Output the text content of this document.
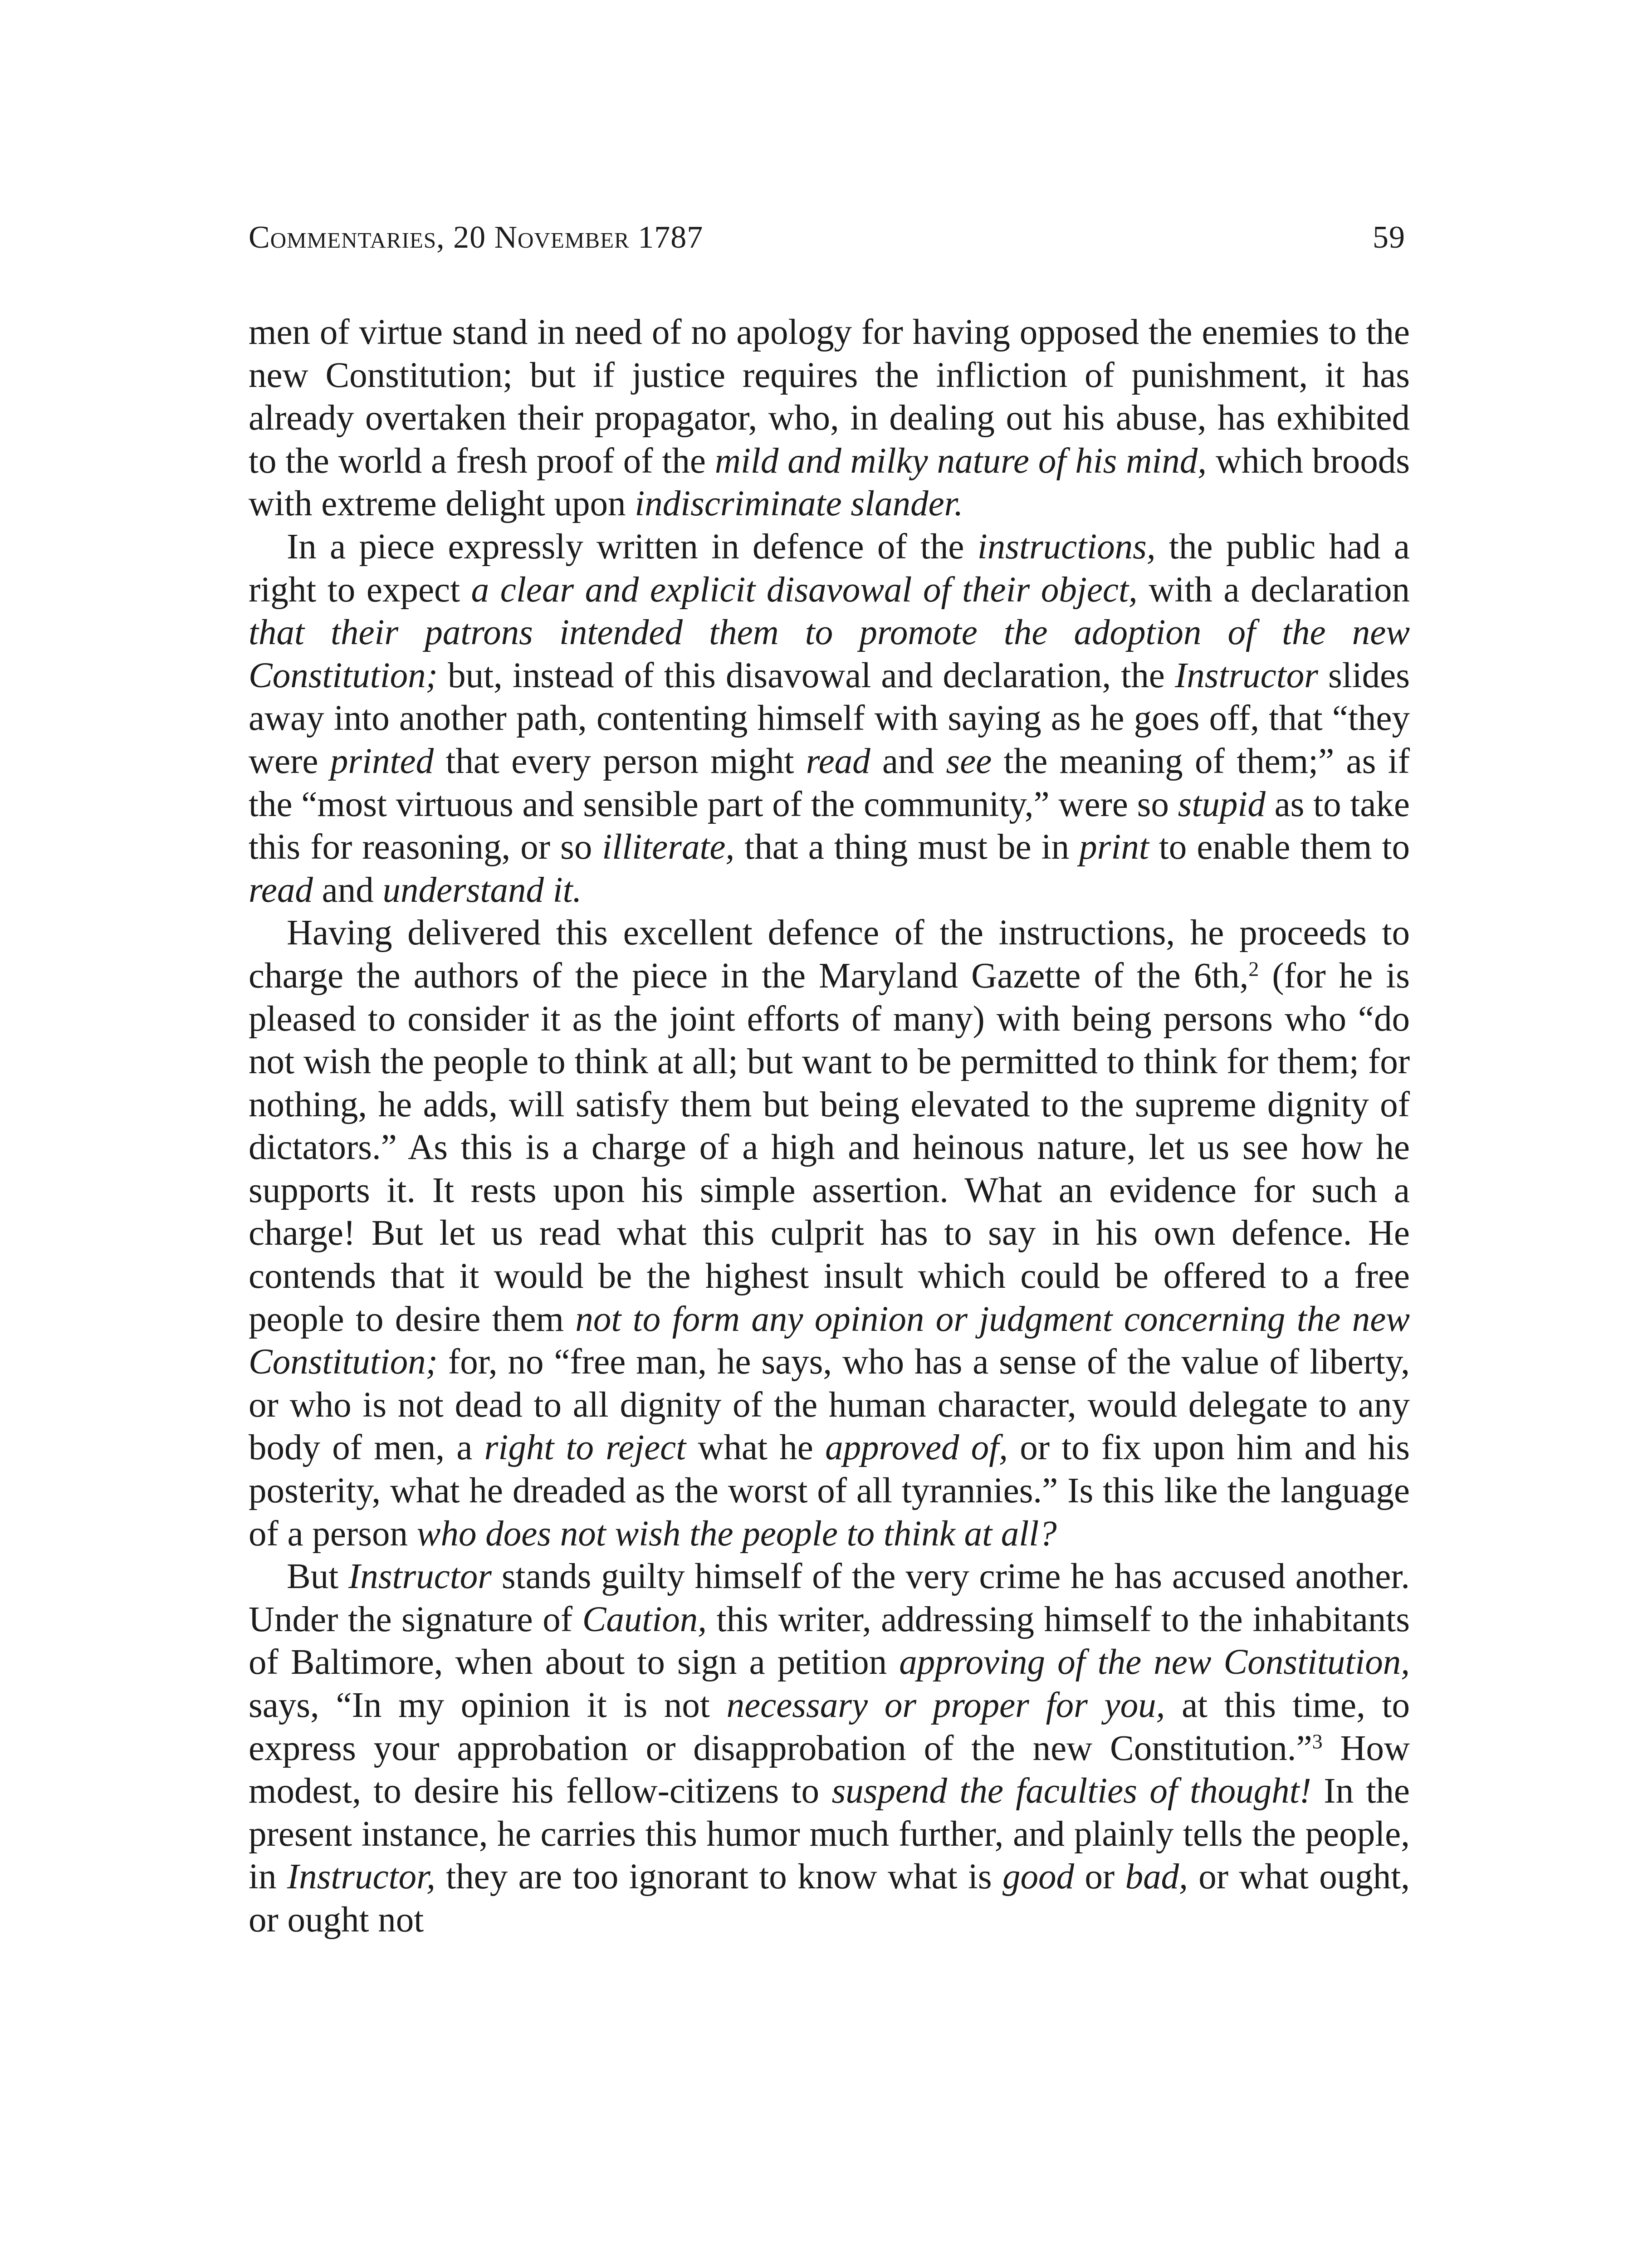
Commentaries, 20 November 1787	59

men of virtue stand in need of no apology for having opposed the enemies to the new Constitution; but if justice requires the infliction of punishment, it has already overtaken their propagator, who, in dealing out his abuse, has exhibited to the world a fresh proof of the mild and milky nature of his mind, which broods with extreme delight upon indiscriminate slander.

In a piece expressly written in defence of the instructions, the public had a right to expect a clear and explicit disavowal of their object, with a declaration that their patrons intended them to promote the adoption of the new Constitution; but, instead of this disavowal and declaration, the Instructor slides away into another path, contenting himself with saying as he goes off, that “they were printed that every person might read and see the meaning of them;” as if the “most virtuous and sensible part of the community,” were so stupid as to take this for reasoning, or so illiterate, that a thing must be in print to enable them to read and understand it.

Having delivered this excellent defence of the instructions, he proceeds to charge the authors of the piece in the Maryland Gazette of the 6th,$^2$ (for he is pleased to consider it as the joint efforts of many) with being persons who “do not wish the people to think at all; but want to be permitted to think for them; for nothing, he adds, will satisfy them but being elevated to the supreme dignity of dictators.” As this is a charge of a high and heinous nature, let us see how he supports it. It rests upon his simple assertion. What an evidence for such a charge! But let us read what this culprit has to say in his own defence. He contends that it would be the highest insult which could be offered to a free people to desire them not to form any opinion or judgment concerning the new Constitution; for, no “free man, he says, who has a sense of the value of liberty, or who is not dead to all dignity of the human character, would delegate to any body of men, a right to reject what he approved of, or to fix upon him and his posterity, what he dreaded as the worst of all tyrannies.” Is this like the language of a person who does not wish the people to think at all?

But Instructor stands guilty himself of the very crime he has accused another. Under the signature of Caution, this writer, addressing himself to the inhabitants of Baltimore, when about to sign a petition approving of the new Constitution, says, “In my opinion it is not necessary or proper for you, at this time, to express your approbation or disapprobation of the new Constitution.”$^3$ How modest, to desire his fellow-citizens to suspend the faculties of thought! In the present instance, he carries this humor much further, and plainly tells the people, in Instructor, they are too ignorant to know what is good or bad, or what ought, or ought not
